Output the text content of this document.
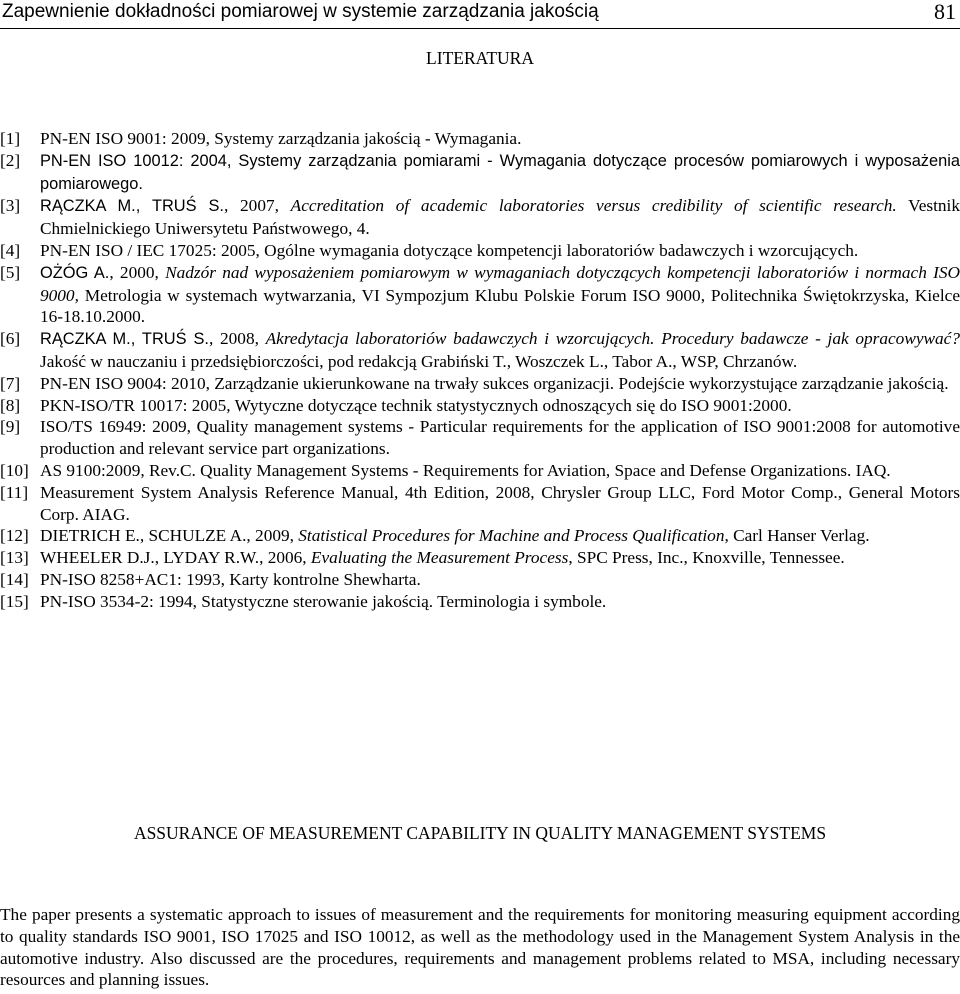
Zapewnienie dokładności pomiarowej w systemie zarządzania jakością	81
LITERATURA
[1] PN-EN ISO 9001: 2009, Systemy zarządzania jakością - Wymagania.
[2] PN-EN ISO 10012: 2004, Systemy zarządzania pomiarami - Wymagania dotyczące procesów pomiarowych i wyposażenia pomiarowego.
[3] RĄCZKA M., TRUŚ S., 2007, Accreditation of academic laboratories versus credibility of scientific research. Vestnik Chmielnickiego Uniwersytetu Państwowego, 4.
[4] PN-EN ISO / IEC 17025: 2005, Ogólne wymagania dotyczące kompetencji laboratoriów badawczych i wzorcujących.
[5] OŻÓG A., 2000, Nadzór nad wyposażeniem pomiarowym w wymaganiach dotyczących kompetencji laboratoriów i normach ISO 9000, Metrologia w systemach wytwarzania, VI Sympozjum Klubu Polskie Forum ISO 9000, Politechnika Świętokrzyska, Kielce 16-18.10.2000.
[6] RĄCZKA M., TRUŚ S., 2008, Akredytacja laboratoriów badawczych i wzorcujących. Procedury badawcze - jak opracowywać? Jakość w nauczaniu i przedsiębiorczości, pod redakcją Grabiński T., Woszczek L., Tabor A., WSP, Chrzanów.
[7] PN-EN ISO 9004: 2010, Zarządzanie ukierunkowane na trwały sukces organizacji. Podejście wykorzystujące zarządzanie jakością.
[8] PKN-ISO/TR 10017: 2005, Wytyczne dotyczące technik statystycznych odnoszących się do ISO 9001:2000.
[9] ISO/TS 16949: 2009, Quality management systems - Particular requirements for the application of ISO 9001:2008 for automotive production and relevant service part organizations.
[10] AS 9100:2009, Rev.C. Quality Management Systems - Requirements for Aviation, Space and Defense Organizations. IAQ.
[11] Measurement System Analysis Reference Manual, 4th Edition, 2008, Chrysler Group LLC, Ford Motor Comp., General Motors Corp. AIAG.
[12] DIETRICH E., SCHULZE A., 2009, Statistical Procedures for Machine and Process Qualification, Carl Hanser Verlag.
[13] WHEELER D.J., LYDAY R.W., 2006, Evaluating the Measurement Process, SPC Press, Inc., Knoxville, Tennessee.
[14] PN-ISO 8258+AC1: 1993, Karty kontrolne Shewharta.
[15] PN-ISO 3534-2: 1994, Statystyczne sterowanie jakością. Terminologia i symbole.
ASSURANCE OF MEASUREMENT CAPABILITY IN QUALITY MANAGEMENT SYSTEMS

The paper presents a systematic approach to issues of measurement and the requirements for monitoring measuring equipment according to quality standards ISO 9001, ISO 17025 and ISO 10012, as well as the methodology used in the Management System Analysis in the automotive industry. Also discussed are the procedures, requirements and management problems related to MSA, including necessary resources and planning issues.
